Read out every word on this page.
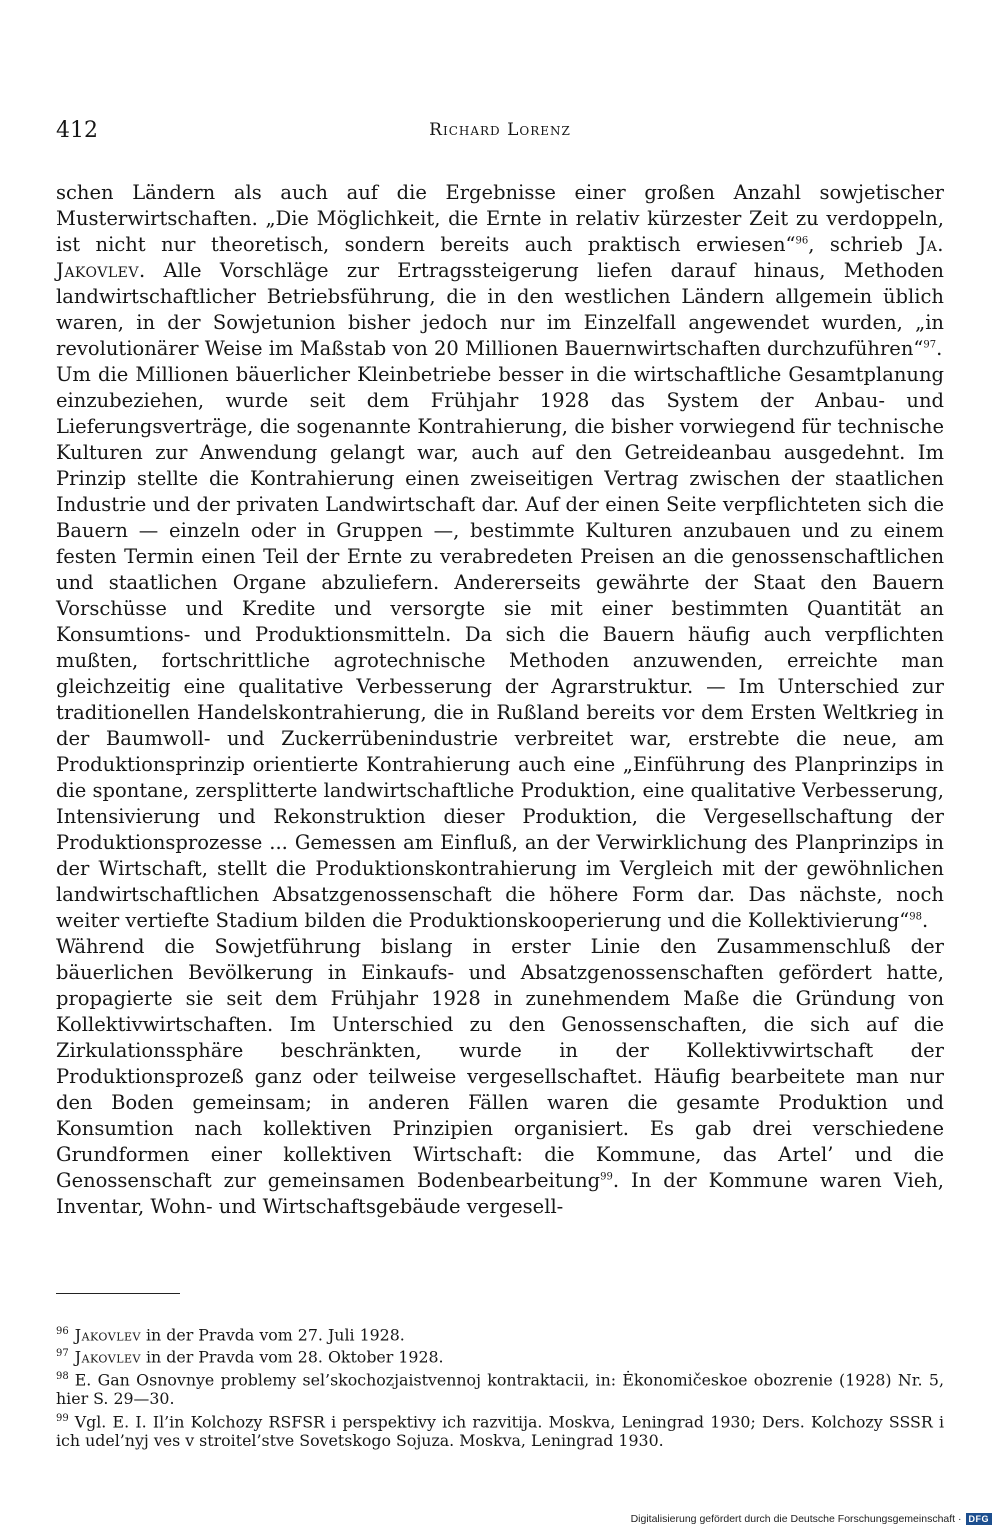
412	Richard Lorenz

schen Ländern als auch auf die Ergebnisse einer großen Anzahl sowjetischer Musterwirtschaften. „Die Möglichkeit, die Ernte in relativ kürzester Zeit zu verdoppeln, ist nicht nur theoretisch, sondern bereits auch praktisch erwiesen“$^{96}$, schrieb Ja. Jakovlev. Alle Vorschläge zur Ertragssteigerung liefen darauf hinaus, Methoden landwirtschaftlicher Betriebsführung, die in den westlichen Ländern allgemein üblich waren, in der Sowjetunion bisher jedoch nur im Einzelfall angewendet wurden, „in revolutionärer Weise im Maßstab von 20 Millionen Bauernwirtschaften durchzuführen“$^{97}$.

Um die Millionen bäuerlicher Kleinbetriebe besser in die wirtschaftliche Gesamtplanung einzubeziehen, wurde seit dem Frühjahr 1928 das System der Anbau- und Lieferungsverträge, die sogenannte Kontrahierung, die bisher vorwiegend für technische Kulturen zur Anwendung gelangt war, auch auf den Getreideanbau ausgedehnt. Im Prinzip stellte die Kontrahierung einen zweiseitigen Vertrag zwischen der staatlichen Industrie und der privaten Landwirtschaft dar. Auf der einen Seite verpflichteten sich die Bauern — einzeln oder in Gruppen —, bestimmte Kulturen anzubauen und zu einem festen Termin einen Teil der Ernte zu verabredeten Preisen an die genossenschaftlichen und staatlichen Organe abzuliefern. Andererseits gewährte der Staat den Bauern Vorschüsse und Kredite und versorgte sie mit einer bestimmten Quantität an Konsumtions- und Produktionsmitteln. Da sich die Bauern häufig auch verpflichten mußten, fortschrittliche agrotechnische Methoden anzuwenden, erreichte man gleichzeitig eine qualitative Verbesserung der Agrarstruktur. — Im Unterschied zur traditionellen Handelskontrahierung, die in Rußland bereits vor dem Ersten Weltkrieg in der Baumwoll- und Zuckerrübenindustrie verbreitet war, erstrebte die neue, am Produktionsprinzip orientierte Kontrahierung auch eine „Einführung des Planprinzips in die spontane, zersplitterte landwirtschaftliche Produktion, eine qualitative Verbesserung, Intensivierung und Rekonstruktion dieser Produktion, die Vergesellschaftung der Produktionsprozesse ... Gemessen am Einfluß, an der Verwirklichung des Planprinzips in der Wirtschaft, stellt die Produktionskontrahierung im Vergleich mit der gewöhnlichen landwirtschaftlichen Absatzgenossenschaft die höhere Form dar. Das nächste, noch weiter vertiefte Stadium bilden die Produktionskooperierung und die Kollektivierung“$^{98}$.

Während die Sowjetführung bislang in erster Linie den Zusammenschluß der bäuerlichen Bevölkerung in Einkaufs- und Absatzgenossenschaften gefördert hatte, propagierte sie seit dem Frühjahr 1928 in zunehmendem Maße die Gründung von Kollektivwirtschaften. Im Unterschied zu den Genossenschaften, die sich auf die Zirkulationssphäre beschränkten, wurde in der Kollektivwirtschaft der Produktionsprozeß ganz oder teilweise vergesellschaftet. Häufig bearbeitete man nur den Boden gemeinsam; in anderen Fällen waren die gesamte Produktion und Konsumtion nach kollektiven Prinzipien organisiert. Es gab drei verschiedene Grundformen einer kollektiven Wirtschaft: die Kommune, das Artel’ und die Genossenschaft zur gemeinsamen Bodenbearbeitung$^{99}$. In der Kommune waren Vieh, Inventar, Wohn- und Wirtschaftsgebäude vergesell-

$^{96}$ Jakovlev in der Pravda vom 27. Juli 1928.
$^{97}$ Jakovlev in der Pravda vom 28. Oktober 1928.
$^{98}$ E. Gan Osnovnye problemy sel’skochozjaistvennoj kontraktacii, in: Ėkonomičeskoe obozrenie (1928) Nr. 5, hier S. 29—30.
$^{99}$ Vgl. E. I. Il’in Kolchozy RSFSR i perspektivy ich razvitija. Moskva, Leningrad 1930; Ders. Kolchozy SSSR i ich udel’nyj ves v stroitel’stve Sovetskogo Sojuza. Moskva, Leningrad 1930.
Digitalisierung gefördert durch die Deutsche Forschungsgemeinschaft · DFG
